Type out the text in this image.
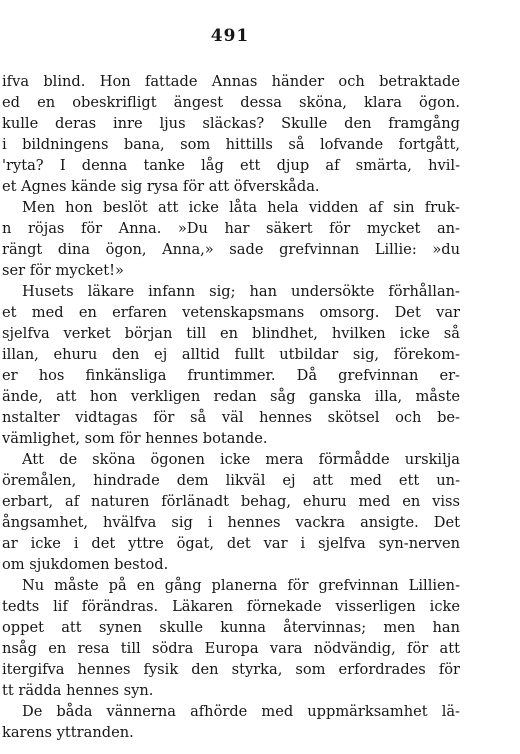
491
ifva blind. Hon fattade Annas händer och betraktade
ed en obeskrifligt ängest dessa sköna, klara ögon.
kulle deras inre ljus släckas? Skulle den framgång
i bildningens bana, som hittills så lofvande fortgått,
'ryta? I denna tanke låg ett djup af smärta, hvil-
et Agnes kände sig rysa för att öfverskåda.
Men hon beslöt att icke låta hela vidden af sin fruk-
n röjas för Anna. »Du har säkert för mycket an-
rängt dina ögon, Anna,» sade grefvinnan Lillie: »du
ser för mycket!»
Husets läkare infann sig; han undersökte förhållan-
et med en erfaren vetenskapsmans omsorg. Det var
sjelfva verket början till en blindhet, hvilken icke så
illan, ehuru den ej alltid fullt utbildar sig, förekom-
er hos finkänsliga fruntimmer. Då grefvinnan er-
ände, att hon verkligen redan såg ganska illa, måste
nstalter vidtagas för så väl hennes skötsel och be-
vämlighet, som för hennes botande.
Att de sköna ögonen icke mera förmådde urskilja
öremålen, hindrade dem likväl ej att med ett un-
erbart, af naturen förlänadt behag, ehuru med en viss
ångsamhet, hvälfva sig i hennes vackra ansigte. Det
ar icke i det yttre ögat, det var i sjelfva syn-nerven
om sjukdomen bestod.
Nu måste på en gång planerna för grefvinnan Lillien-
tedts lif förändras. Läkaren förnekade visserligen icke
oppet att synen skulle kunna återvinnas; men han
nsåg en resa till södra Europa vara nödvändig, för att
itergifva hennes fysik den styrka, som erfordrades för
tt rädda hennes syn.
De båda vännerna afhörde med uppmärksamhet lä-
karens yttranden.
